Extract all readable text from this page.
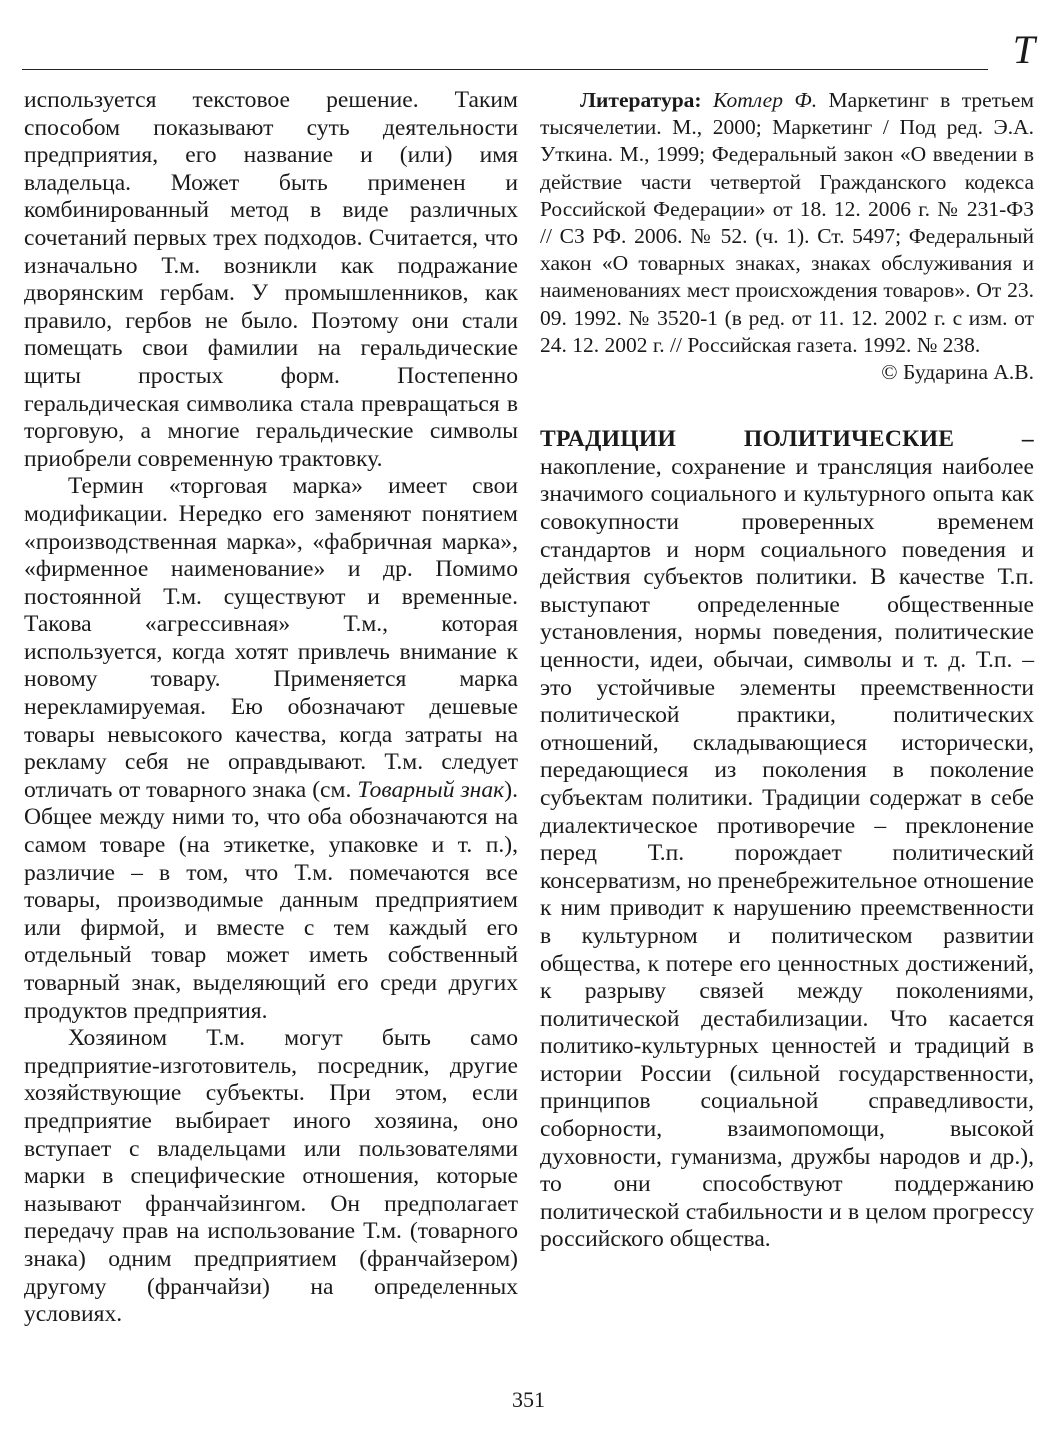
T

используется текстовое решение. Таким способом показывают суть деятельности предприятия, его название и (или) имя владельца. Может быть применен и комбинированный метод в виде различных сочетаний первых трех подходов. Считается, что изначально Т.м. возникли как подражание дворянским гербам. У промышленников, как правило, гербов не было. Поэтому они стали помещать свои фамилии на геральдические щиты простых форм. Постепенно геральдическая символика стала превращаться в торговую, а многие геральдические символы приобрели современную трактовку.

Термин «торговая марка» имеет свои модификации. Нередко его заменяют понятием «производственная марка», «фабричная марка», «фирменное наименование» и др. Помимо постоянной Т.м. существуют и временные. Такова «агрессивная» Т.м., которая используется, когда хотят привлечь внимание к новому товару. Применяется марка нерекламируемая. Ею обозначают дешевые товары невысокого качества, когда затраты на рекламу себя не оправдывают. Т.м. следует отличать от товарного знака (см. Товарный знак). Общее между ними то, что оба обозначаются на самом товаре (на этикетке, упаковке и т. п.), различие – в том, что Т.м. помечаются все товары, производимые данным предприятием или фирмой, и вместе с тем каждый его отдельный товар может иметь собственный товарный знак, выделяющий его среди других продуктов предприятия.

Хозяином Т.м. могут быть само предприятие-изготовитель, посредник, другие хозяйствующие субъекты. При этом, если предприятие выбирает иного хозяина, оно вступает с владельцами или пользователями марки в специфические отношения, которые называют франчайзингом. Он предполагает передачу прав на использование Т.м. (товарного знака) одним предприятием (франчайзером) другому (франчайзи) на определенных условиях.

Литература: Котлер Ф. Маркетинг в третьем тысячелетии. М., 2000; Маркетинг / Под ред. Э.А. Уткина. М., 1999; Федеральный закон «О введении в действие части четвертой Гражданского кодекса Российской Федерации» от 18. 12. 2006 г. № 231-ФЗ // СЗ РФ. 2006. № 52. (ч. 1). Ст. 5497; Федеральный хакон «О товарных знаках, знаках обслуживания и наименованиях мест происхождения товаров». От 23. 09. 1992. № 3520-1 (в ред. от 11. 12. 2002 г. с изм. от 24. 12. 2002 г. // Российская газета. 1992. № 238.

© Бударина А.В.

ТРАДИЦИИ ПОЛИТИЧЕСКИЕ – накопление, сохранение и трансляция наиболее значимого социального и культурного опыта как совокупности проверенных временем стандартов и норм социального поведения и действия субъектов политики. В качестве Т.п. выступают определенные общественные установления, нормы поведения, политические ценности, идеи, обычаи, символы и т. д. Т.п. – это устойчивые элементы преемственности политической практики, политических отношений, складывающиеся исторически, передающиеся из поколения в поколение субъектам политики. Традиции содержат в себе диалектическое противоречие – преклонение перед Т.п. порождает политический консерватизм, но пренебрежительное отношение к ним приводит к нарушению преемственности в культурном и политическом развитии общества, к потере его ценностных достижений, к разрыву связей между поколениями, политической дестабилизации. Что касается политико-культурных ценностей и традиций в истории России (сильной государственности, принципов социальной справедливости, соборности, взаимопомощи, высокой духовности, гуманизма, дружбы народов и др.), то они способствуют поддержанию политической стабильности и в целом прогрессу российского общества.

351
